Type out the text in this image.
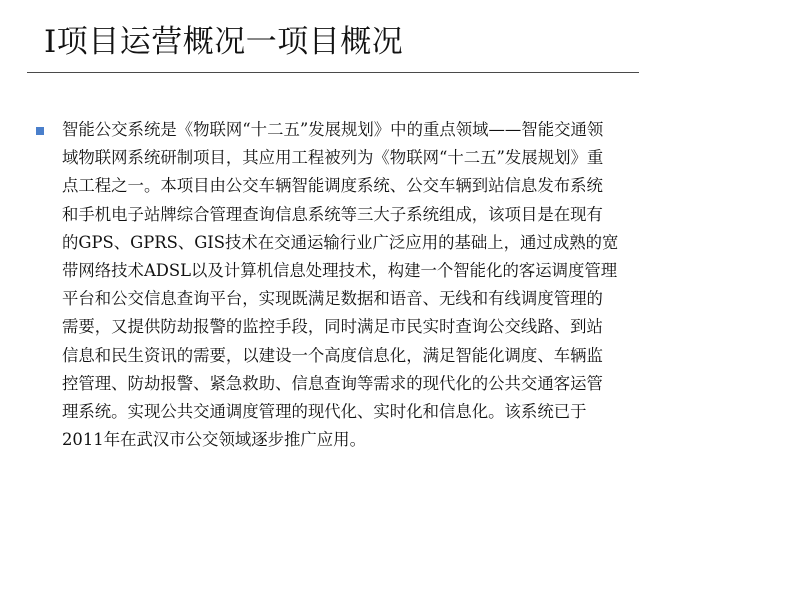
Ⅰ项目运营概况一项目概况
智能公交系统是《物联网“十二五”发展规划》中的重点领域——智能交通领
域物联网系统研制项目，其应用工程被列为《物联网“十二五”发展规划》重
点工程之一。本项目由公交车辆智能调度系统、公交车辆到站信息发布系统
和手机电子站牌综合管理查询信息系统等三大子系统组成，该项目是在现有
的GPS、GPRS、GIS技术在交通运输行业广泛应用的基础上，通过成熟的宽
带网络技术ADSL以及计算机信息处理技术，构建一个智能化的客运调度管理
平台和公交信息查询平台，实现既满足数据和语音、无线和有线调度管理的
需要，又提供防劫报警的监控手段，同时满足市民实时查询公交线路、到站
信息和民生资讯的需要，以建设一个高度信息化，满足智能化调度、车辆监
控管理、防劫报警、紧急救助、信息查询等需求的现代化的公共交通客运管
理系统。实现公共交通调度管理的现代化、实时化和信息化。该系统已于
2011年在武汉市公交领域逐步推广应用。
